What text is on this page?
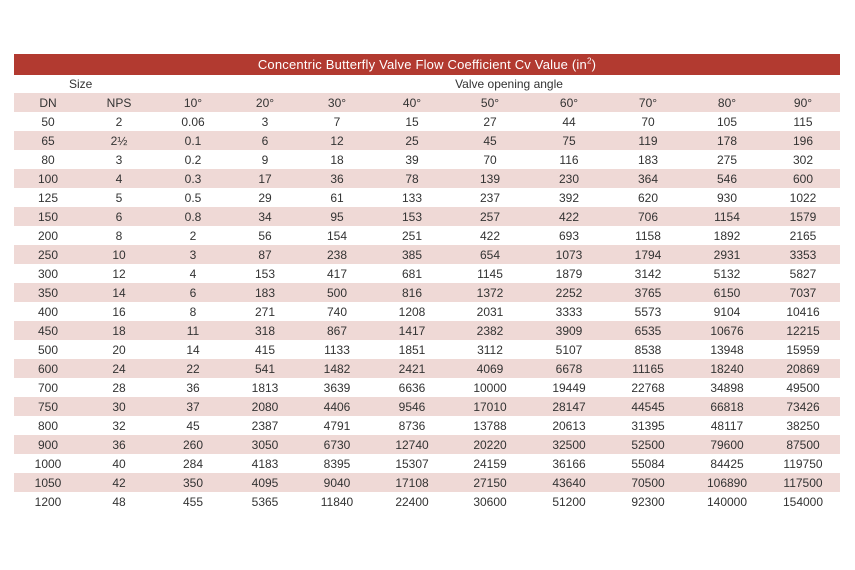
Concentric Butterfly Valve Flow Coefficient Cv Value $(in^2)$
Size	Valve opening angle
DN	NPS	10°	20°	30°	40°	50°	60°	70°	80°	90°
50	2	0.06	3	7	15	27	44	70	105	115
65	2½	0.1	6	12	25	45	75	119	178	196
80	3	0.2	9	18	39	70	116	183	275	302
100	4	0.3	17	36	78	139	230	364	546	600
125	5	0.5	29	61	133	237	392	620	930	1022
150	6	0.8	34	95	153	257	422	706	1154	1579
200	8	2	56	154	251	422	693	1158	1892	2165
250	10	3	87	238	385	654	1073	1794	2931	3353
300	12	4	153	417	681	1145	1879	3142	5132	5827
350	14	6	183	500	816	1372	2252	3765	6150	7037
400	16	8	271	740	1208	2031	3333	5573	9104	10416
450	18	11	318	867	1417	2382	3909	6535	10676	12215
500	20	14	415	1133	1851	3112	5107	8538	13948	15959
600	24	22	541	1482	2421	4069	6678	11165	18240	20869
700	28	36	1813	3639	6636	10000	19449	22768	34898	49500
750	30	37	2080	4406	9546	17010	28147	44545	66818	73426
800	32	45	2387	4791	8736	13788	20613	31395	48117	38250
900	36	260	3050	6730	12740	20220	32500	52500	79600	87500
1000	40	284	4183	8395	15307	24159	36166	55084	84425	119750
1050	42	350	4095	9040	17108	27150	43640	70500	106890	117500
1200	48	455	5365	11840	22400	30600	51200	92300	140000	154000
